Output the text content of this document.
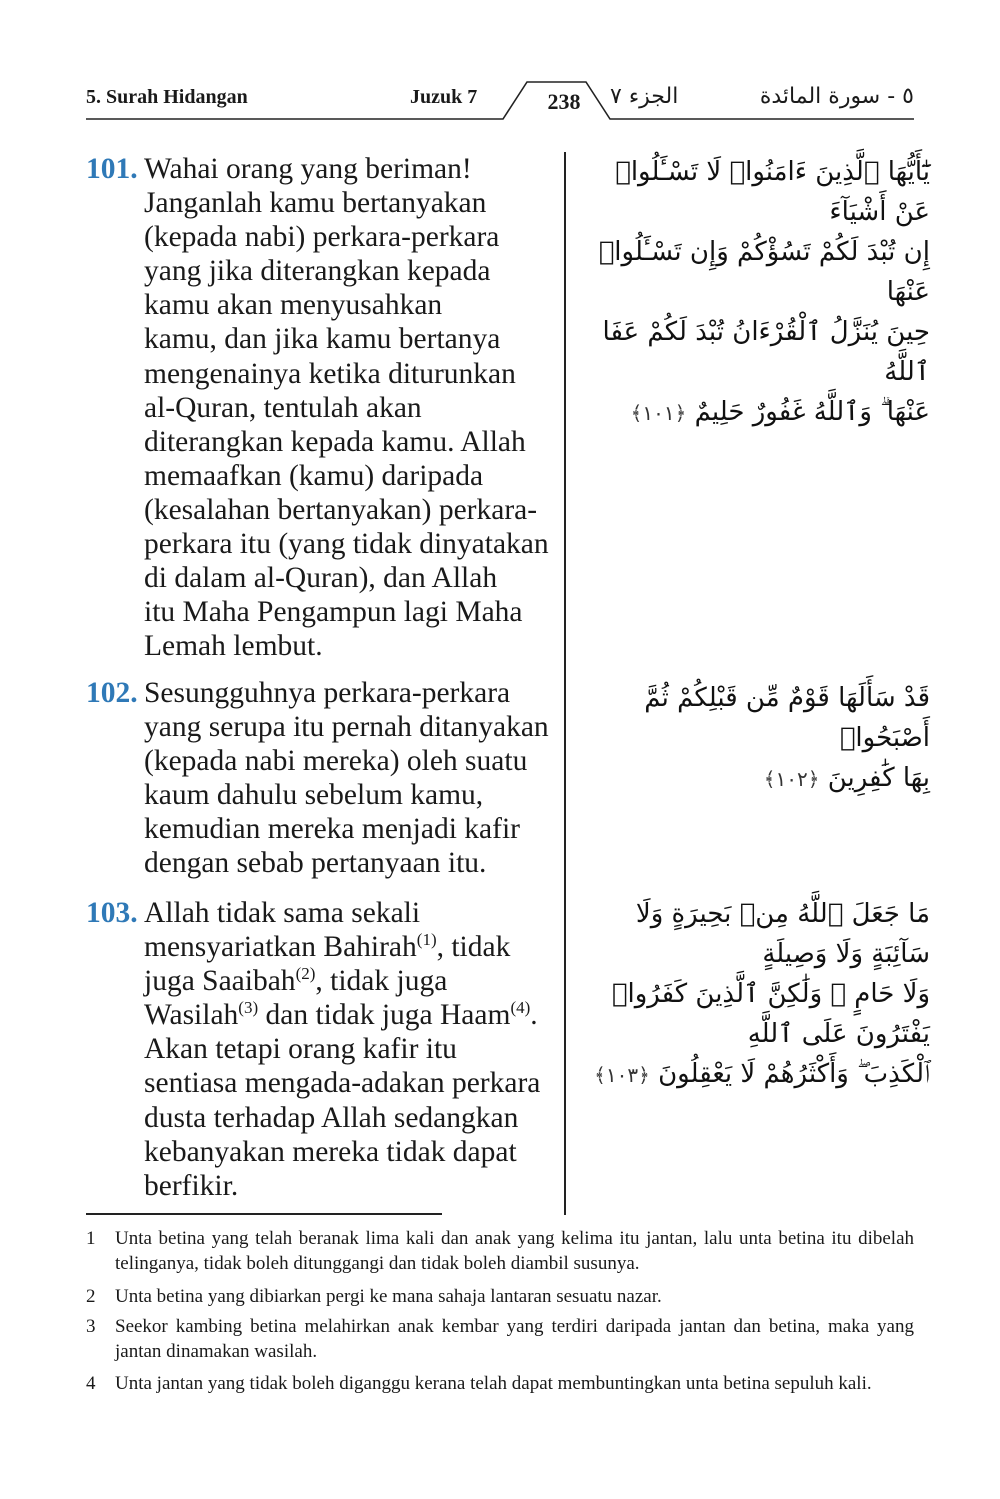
5. Surah Hidangan	Juzuk 7	238	الجزء ٧	٥ - سورة المائدة
101. Wahai orang yang beriman!
Janganlah kamu bertanyakan
(kepada nabi) perkara-perkara
yang jika diterangkan kepada
kamu akan menyusahkan
kamu, dan jika kamu bertanya
mengenainya ketika diturunkan
al-Quran, tentulah akan
diterangkan kepada kamu. Allah
memaafkan (kamu) daripada
(kesalahan bertanyakan) perkara-
perkara itu (yang tidak dinyatakan
di dalam al-Quran), dan Allah
itu Maha Pengampun lagi Maha
Lemah lembut.
يَٰٓأَيُّهَا ٱلَّذِينَ ءَامَنُوا۟ لَا تَسْـَٔلُوا۟ عَنْ أَشْيَآءَ
إِن تُبْدَ لَكُمْ تَسُؤْكُمْ وَإِن تَسْـَٔلُوا۟ عَنْهَا
حِينَ يُنَزَّلُ ٱلْقُرْءَانُ تُبْدَ لَكُمْ عَفَا ٱللَّهُ
عَنْهَا ۗ وَٱللَّهُ غَفُورٌ حَلِيمٌ ﴿١٠١﴾
102. Sesungguhnya perkara-perkara
yang serupa itu pernah ditanyakan
(kepada nabi mereka) oleh suatu
kaum dahulu sebelum kamu,
kemudian mereka menjadi kafir
dengan sebab pertanyaan itu.
قَدْ سَأَلَهَا قَوْمٌ مِّن قَبْلِكُمْ ثُمَّ أَصْبَحُوا۟
بِهَا كَٰفِرِينَ ﴿١٠٢﴾
103. Allah tidak sama sekali
mensyariatkan Bahirah$^{(1)}$, tidak
juga Saaibah$^{(2)}$, tidak juga
Wasilah$^{(3)}$ dan tidak juga Haam$^{(4)}$.
Akan tetapi orang kafir itu
sentiasa mengada-adakan perkara
dusta terhadap Allah sedangkan
kebanyakan mereka tidak dapat
berfikir.
مَا جَعَلَ ٱللَّهُ مِنۢ بَحِيرَةٍ وَلَا سَآئِبَةٍ وَلَا وَصِيلَةٍ
وَلَا حَامٍ ۙ وَلَٰكِنَّ ٱلَّذِينَ كَفَرُوا۟ يَفْتَرُونَ عَلَى ٱللَّهِ
ٱلْكَذِبَ ۖ وَأَكْثَرُهُمْ لَا يَعْقِلُونَ ﴿١٠٣﴾
1 Unta betina yang telah beranak lima kali dan anak yang kelima itu jantan, lalu unta betina itu dibelah telinganya, tidak boleh ditunggangi dan tidak boleh diambil susunya.
2 Unta betina yang dibiarkan pergi ke mana sahaja lantaran sesuatu nazar.
3 Seekor kambing betina melahirkan anak kembar yang terdiri daripada jantan dan betina, maka yang jantan dinamakan wasilah.
4 Unta jantan yang tidak boleh diganggu kerana telah dapat membuntingkan unta betina sepuluh kali.
